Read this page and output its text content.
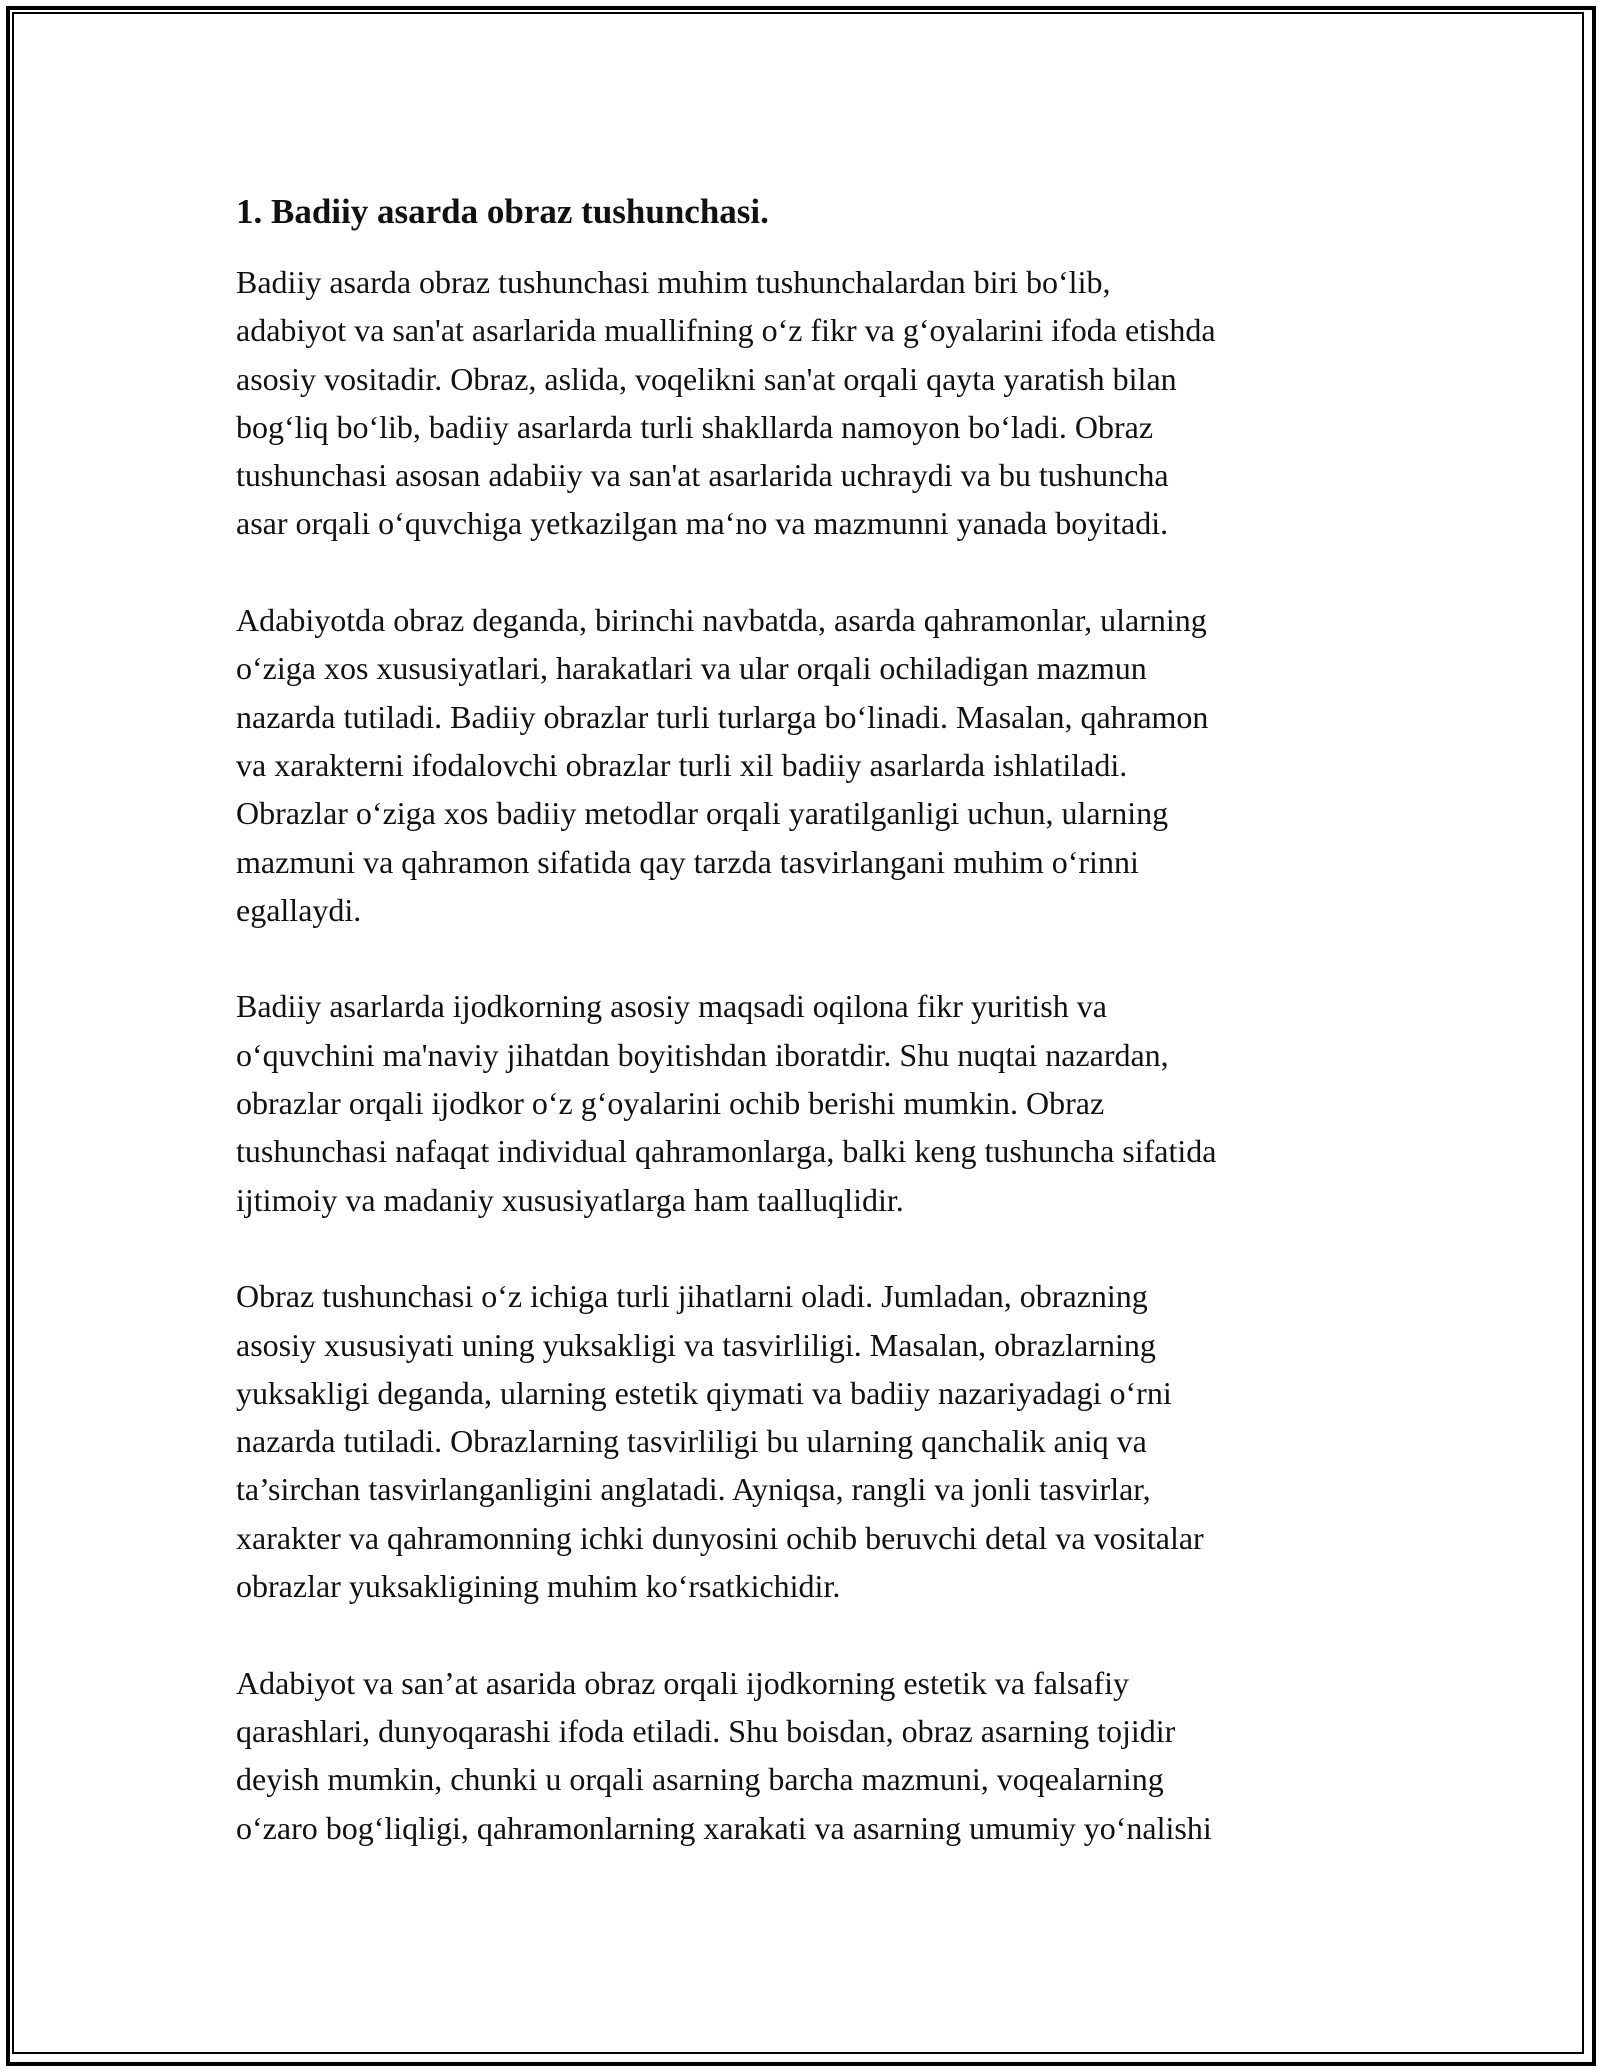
1. Badiiy asarda obraz tushunchasi.

Badiiy asarda obraz tushunchasi muhim tushunchalardan biri bo‘lib,
adabiyot va san'at asarlarida muallifning o‘z fikr va g‘oyalarini ifoda etishda
asosiy vositadir. Obraz, aslida, voqelikni san'at orqali qayta yaratish bilan
bog‘liq bo‘lib, badiiy asarlarda turli shakllarda namoyon bo‘ladi. Obraz
tushunchasi asosan adabiiy va san'at asarlarida uchraydi va bu tushuncha
asar orqali o‘quvchiga yetkazilgan ma‘no va mazmunni yanada boyitadi.

Adabiyotda obraz deganda, birinchi navbatda, asarda qahramonlar, ularning
o‘ziga xos xususiyatlari, harakatlari va ular orqali ochiladigan mazmun
nazarda tutiladi. Badiiy obrazlar turli turlarga bo‘linadi. Masalan, qahramon
va xarakterni ifodalovchi obrazlar turli xil badiiy asarlarda ishlatiladi.
Obrazlar o‘ziga xos badiiy metodlar orqali yaratilganligi uchun, ularning
mazmuni va qahramon sifatida qay tarzda tasvirlangani muhim o‘rinni
egallaydi.

Badiiy asarlarda ijodkorning asosiy maqsadi oqilona fikr yuritish va
o‘quvchini ma'naviy jihatdan boyitishdan iboratdir. Shu nuqtai nazardan,
obrazlar orqali ijodkor o‘z g‘oyalarini ochib berishi mumkin. Obraz
tushunchasi nafaqat individual qahramonlarga, balki keng tushuncha sifatida
ijtimoiy va madaniy xususiyatlarga ham taalluqlidir.

Obraz tushunchasi o‘z ichiga turli jihatlarni oladi. Jumladan, obrazning
asosiy xususiyati uning yuksakligi va tasvirliligi. Masalan, obrazlarning
yuksakligi deganda, ularning estetik qiymati va badiiy nazariyadagi o‘rni
nazarda tutiladi. Obrazlarning tasvirliligi bu ularning qanchalik aniq va
ta’sirchan tasvirlanganligini anglatadi. Ayniqsa, rangli va jonli tasvirlar,
xarakter va qahramonning ichki dunyosini ochib beruvchi detal va vositalar
obrazlar yuksakligining muhim ko‘rsatkichidir.

Adabiyot va san’at asarida obraz orqali ijodkorning estetik va falsafiy
qarashlari, dunyoqarashi ifoda etiladi. Shu boisdan, obraz asarning tojidir
deyish mumkin, chunki u orqali asarning barcha mazmuni, voqealarning
o‘zaro bog‘liqligi, qahramonlarning xarakati va asarning umumiy yo‘nalishi
